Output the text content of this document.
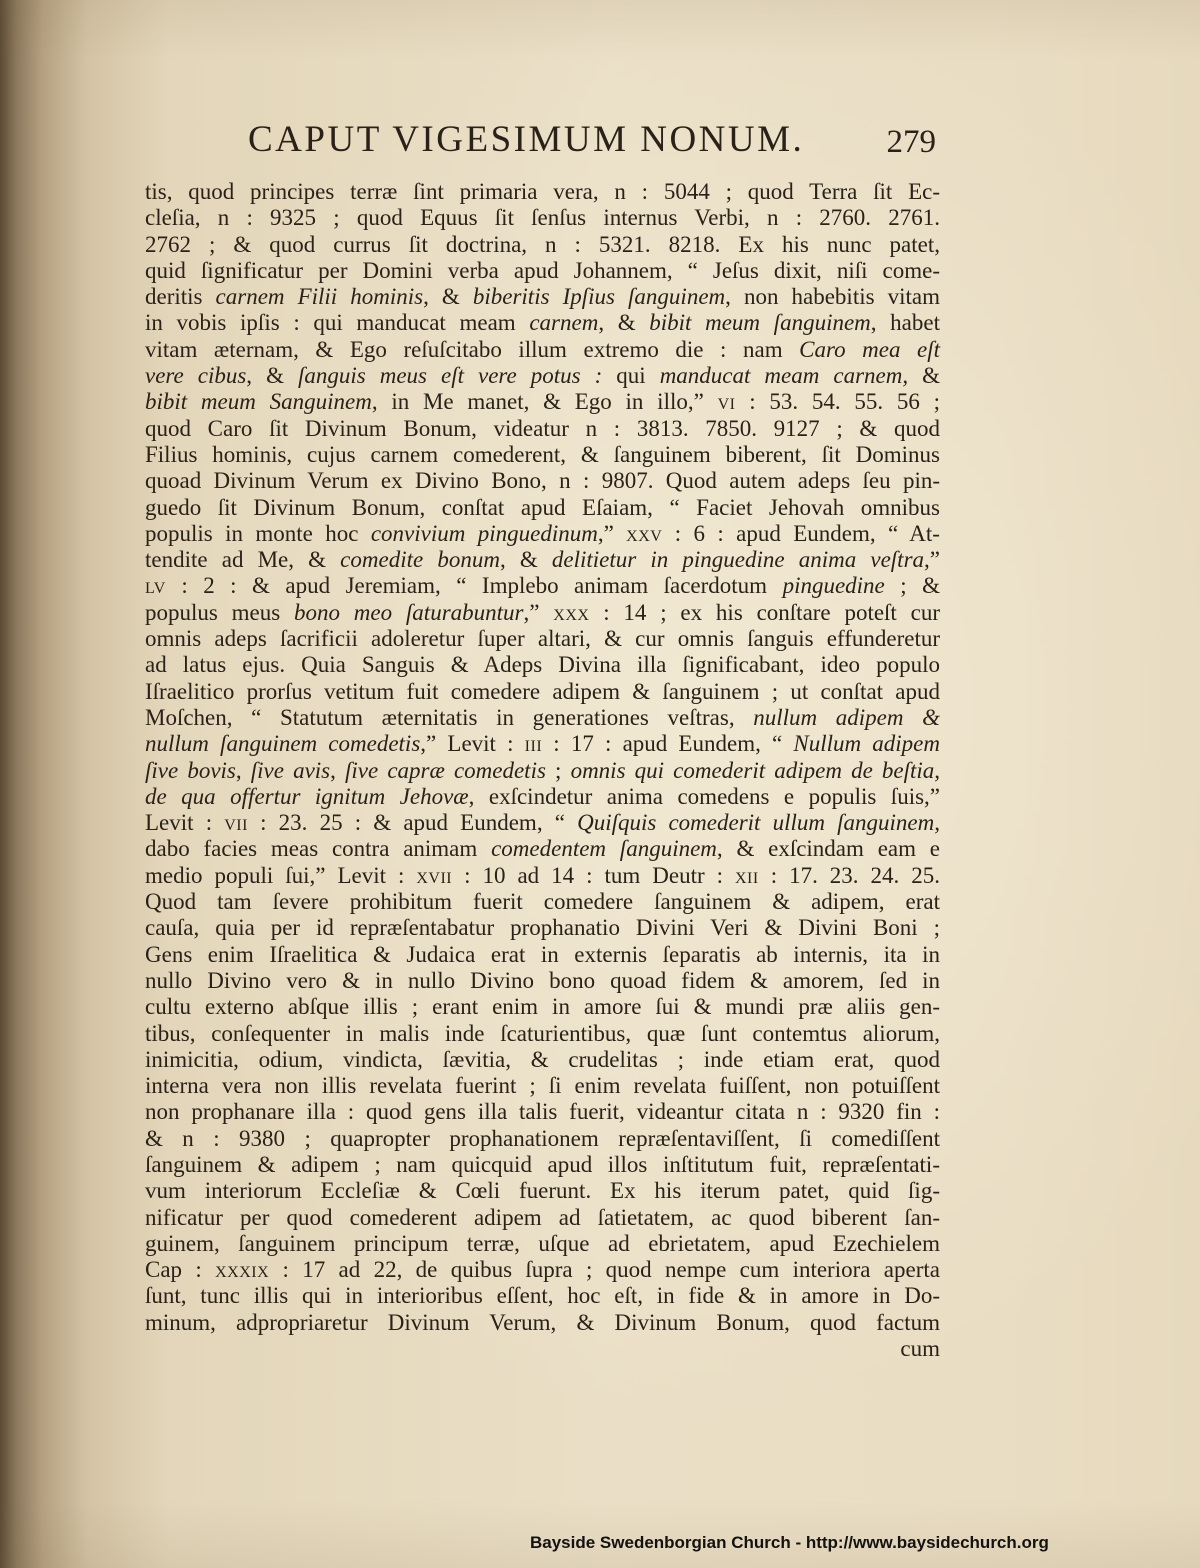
CAPUT VIGESIMUM NONUM. 279
tis, quod principes terræ ſint primaria vera, n : 5044 ; quod Terra ſit Ec-
cleſia, n : 9325 ; quod Equus ſit ſenſus internus Verbi, n : 2760. 2761.
2762 ; & quod currus ſit doctrina, n : 5321. 8218. Ex his nunc patet,
quid ſignificatur per Domini verba apud Johannem, “ Jeſus dixit, niſi come-
deritis carnem Filii hominis, & biberitis Ipſius ſanguinem, non habebitis vitam
in vobis ipſis : qui manducat meam carnem, & bibit meum ſanguinem, habet
vitam æternam, & Ego reſuſcitabo illum extremo die : nam Caro mea eſt
vere cibus, & ſanguis meus eſt vere potus : qui manducat meam carnem, &
bibit meum Sanguinem, in Me manet, & Ego in illo,” vi : 53. 54. 55. 56 ;
quod Caro ſit Divinum Bonum, videatur n : 3813. 7850. 9127 ; & quod
Filius hominis, cujus carnem comederent, & ſanguinem biberent, ſit Dominus
quoad Divinum Verum ex Divino Bono, n : 9807. Quod autem adeps ſeu pin-
guedo ſit Divinum Bonum, conſtat apud Eſaiam, “ Faciet Jehovah omnibus
populis in monte hoc convivium pinguedinum,” xxv : 6 : apud Eundem, “ At-
tendite ad Me, & comedite bonum, & delitietur in pinguedine anima veſtra,”
lv : 2 : & apud Jeremiam, “ Implebo animam ſacerdotum pinguedine ; &
populus meus bono meo ſaturabuntur,” xxx : 14 ; ex his conſtare poteſt cur
omnis adeps ſacrificii adoleretur ſuper altari, & cur omnis ſanguis effunderetur
ad latus ejus. Quia Sanguis & Adeps Divina illa ſignificabant, ideo populo
Iſraelitico prorſus vetitum fuit comedere adipem & ſanguinem ; ut conſtat apud
Moſchen, “ Statutum æternitatis in generationes veſtras, nullum adipem &
nullum ſanguinem comedetis,” Levit : iii : 17 : apud Eundem, “ Nullum adipem
ſive bovis, ſive avis, ſive capræ comedetis ; omnis qui comederit adipem de beſtia,
de qua offertur ignitum Jehovæ, exſcindetur anima comedens e populis ſuis,”
Levit : vii : 23. 25 : & apud Eundem, “ Quiſquis comederit ullum ſanguinem,
dabo facies meas contra animam comedentem ſanguinem, & exſcindam eam e
medio populi ſui,” Levit : xvii : 10 ad 14 : tum Deutr : xii : 17. 23. 24. 25.
Quod tam ſevere prohibitum fuerit comedere ſanguinem & adipem, erat
cauſa, quia per id repræſentabatur prophanatio Divini Veri & Divini Boni ;
Gens enim Iſraelitica & Judaica erat in externis ſeparatis ab internis, ita in
nullo Divino vero & in nullo Divino bono quoad fidem & amorem, ſed in
cultu externo abſque illis ; erant enim in amore ſui & mundi præ aliis gen-
tibus, conſequenter in malis inde ſcaturientibus, quæ ſunt contemtus aliorum,
inimicitia, odium, vindicta, ſævitia, & crudelitas ; inde etiam erat, quod
interna vera non illis revelata fuerint ; ſi enim revelata fuiſſent, non potuiſſent
non prophanare illa : quod gens illa talis fuerit, videantur citata n : 9320 fin :
& n : 9380 ; quapropter prophanationem repræſentaviſſent, ſi comediſſent
ſanguinem & adipem ; nam quicquid apud illos inſtitutum fuit, repræſentati-
vum interiorum Eccleſiæ & Cœli fuerunt. Ex his iterum patet, quid ſig-
nificatur per quod comederent adipem ad ſatietatem, ac quod biberent ſan-
guinem, ſanguinem principum terræ, uſque ad ebrietatem, apud Ezechielem
Cap : xxxix : 17 ad 22, de quibus ſupra ; quod nempe cum interiora aperta
ſunt, tunc illis qui in interioribus eſſent, hoc eſt, in fide & in amore in Do-
minum, adpropriaretur Divinum Verum, & Divinum Bonum, quod factum
cum
Bayside Swedenborgian Church - http://www.baysidechurch.org
